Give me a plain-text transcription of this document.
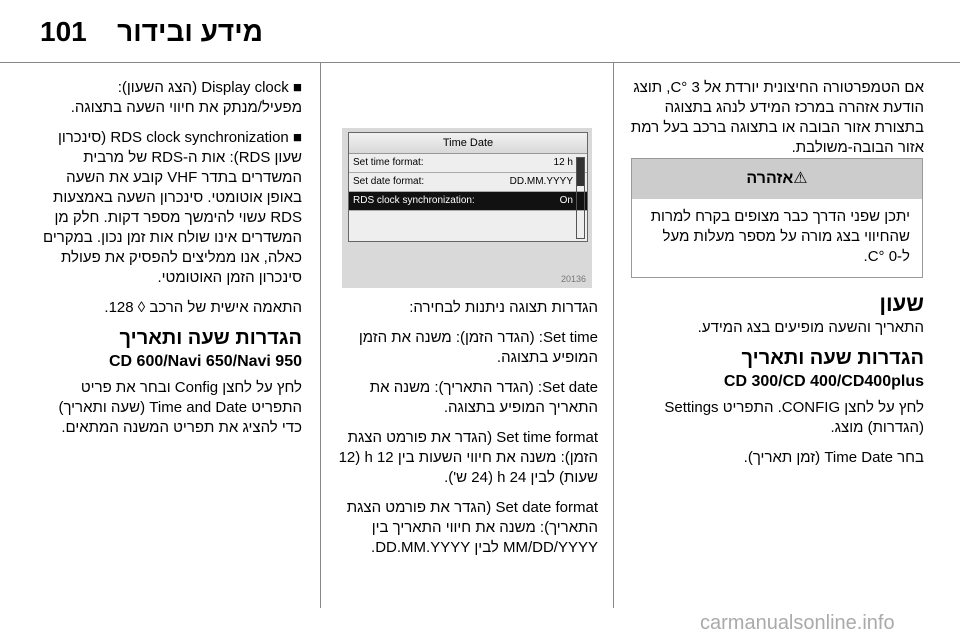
101 מידע ובידור

■ Display clock (הצג השעון): מפעיל/מנתק את חיווי השעה בתצוגה.

■ RDS clock synchronization (סינכרון שעון RDS): אות ה-RDS של מרבית המשדרים בתדר VHF קובע את השעה באופן אוטומטי. סינכרון השעה באמצעות RDS עשוי להימשך מספר דקות. חלק מן המשדרים אינו שולח אות זמן נכון. במקרים כאלה, אנו ממליצים להפסיק את פעולת סינכרון הזמן האוטומטי.

התאמה אישית של הרכב ◊ 128.

הגדרות שעה ותאריך
CD 600/Navi 650/Navi 950

לחץ על לחצן Config ובחר את פריט התפריט Time and Date (שעה ותאריך) כדי להציג את תפריט המשנה המתאים.

Time Date
Set time format:	12 h
Set date format:	DD.MM.YYYY
RDS clock synchronization:	On
20136

הגדרות תצוגה ניתנות לבחירה:

Set time: (הגדר הזמן): משנה את הזמן המופיע בתצוגה.

Set date: (הגדר התאריך): משנה את התאריך המופיע בתצוגה.

Set time format (הגדר את פורמט הצגת הזמן): משנה את חיווי השעות בין 12 h (12 שעות) לבין 24 h (24 ש').

Set date format (הגדר את פורמט הצגת התאריך): משנה את חיווי התאריך בין MM/DD/YYYY לבין DD.MM.YYYY.

אם הטמפרטורה החיצונית יורדת אל 3 °C, תוצג הודעת אזהרה במרכז המידע לנהג בתצוגה בתצורת אזור הבובה או בתצוגה ברכב בעל רמת אזור הבובה-משולבת.

⚠אזהרה
יתכן שפני הדרך כבר מצופים בקרח למרות שהחיווי בצג מורה על מספר מעלות מעל ל-0 °C.
שעון

התאריך והשעה מופיעים בצג המידע.

הגדרות שעה ותאריך
CD 300/CD 400/CD400plus

לחץ על לחצן CONFIG. התפריט Settings (הגדרות) מוצג.

בחר Time Date (זמן תאריך).

carmanualsonline.info
